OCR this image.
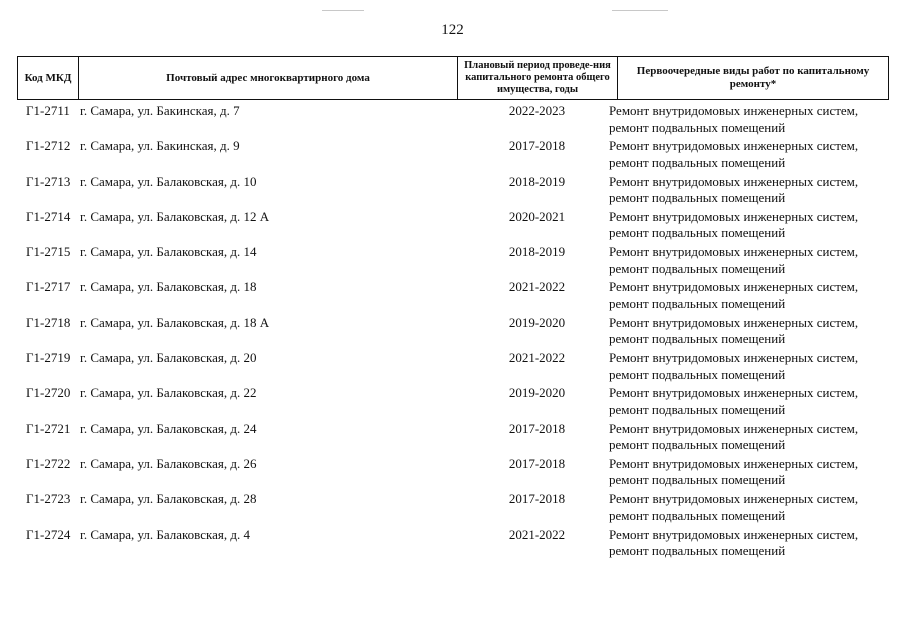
122
Код МКД	Почтовый адрес многоквартирного дома
Плановый период проведе-ния капитального ремонта общего имущества, годы
Первоочередные виды работ по капитальному ремонту*
Г1-2711 г. Самара, ул. Бакинская, д. 7	2022-2023	Ремонт внутридомовых инженерных систем,
ремонт подвальных помещений
Г1-2712 г. Самара, ул. Бакинская, д. 9	2017-2018	Ремонт внутридомовых инженерных систем,
ремонт подвальных помещений
Г1-2713 г. Самара, ул. Балаковская, д. 10	2018-2019	Ремонт внутридомовых инженерных систем,
ремонт подвальных помещений
Г1-2714 г. Самара, ул. Балаковская, д. 12 А	2020-2021	Ремонт внутридомовых инженерных систем,
ремонт подвальных помещений
Г1-2715 г. Самара, ул. Балаковская, д. 14	2018-2019	Ремонт внутридомовых инженерных систем,
ремонт подвальных помещений
Г1-2717 г. Самара, ул. Балаковская, д. 18	2021-2022	Ремонт внутридомовых инженерных систем,
ремонт подвальных помещений
Г1-2718 г. Самара, ул. Балаковская, д. 18 А	2019-2020	Ремонт внутридомовых инженерных систем,
ремонт подвальных помещений
Г1-2719 г. Самара, ул. Балаковская, д. 20	2021-2022	Ремонт внутридомовых инженерных систем,
ремонт подвальных помещений
Г1-2720 г. Самара, ул. Балаковская, д. 22	2019-2020	Ремонт внутридомовых инженерных систем,
ремонт подвальных помещений
Г1-2721 г. Самара, ул. Балаковская, д. 24	2017-2018	Ремонт внутридомовых инженерных систем,
ремонт подвальных помещений
Г1-2722 г. Самара, ул. Балаковская, д. 26	2017-2018	Ремонт внутридомовых инженерных систем,
ремонт подвальных помещений
Г1-2723 г. Самара, ул. Балаковская, д. 28	2017-2018	Ремонт внутридомовых инженерных систем,
ремонт подвальных помещений
Г1-2724 г. Самара, ул. Балаковская, д. 4	2021-2022	Ремонт внутридомовых инженерных систем,
ремонт подвальных помещений
